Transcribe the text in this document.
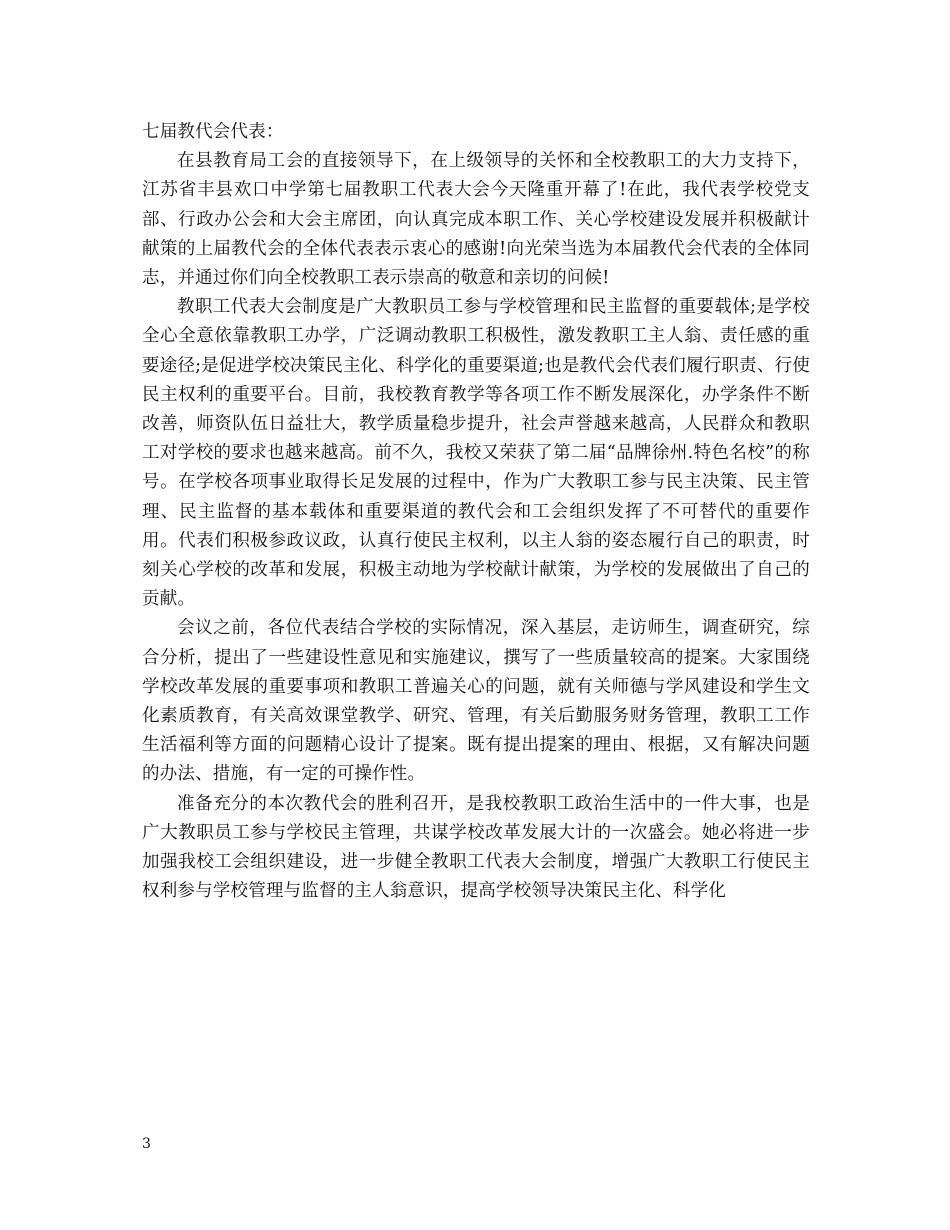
七届教代会代表：

在县教育局工会的直接领导下，在上级领导的关怀和全校教职工的大力支持下，江苏省丰县欢口中学第七届教职工代表大会今天隆重开幕了!在此，我代表学校党支部、行政办公会和大会主席团，向认真完成本职工作、关心学校建设发展并积极献计献策的上届教代会的全体代表表示衷心的感谢!向光荣当选为本届教代会代表的全体同志，并通过你们向全校教职工表示崇高的敬意和亲切的问候!

教职工代表大会制度是广大教职员工参与学校管理和民主监督的重要载体;是学校全心全意依靠教职工办学，广泛调动教职工积极性，激发教职工主人翁、责任感的重要途径;是促进学校决策民主化、科学化的重要渠道;也是教代会代表们履行职责、行使民主权利的重要平台。目前，我校教育教学等各项工作不断发展深化，办学条件不断改善，师资队伍日益壮大，教学质量稳步提升，社会声誉越来越高，人民群众和教职工对学校的要求也越来越高。前不久，我校又荣获了第二届“品牌徐州.特色名校”的称号。在学校各项事业取得长足发展的过程中，作为广大教职工参与民主决策、民主管理、民主监督的基本载体和重要渠道的教代会和工会组织发挥了不可替代的重要作用。代表们积极参政议政，认真行使民主权利，以主人翁的姿态履行自己的职责，时刻关心学校的改革和发展，积极主动地为学校献计献策，为学校的发展做出了自己的贡献。

会议之前，各位代表结合学校的实际情况，深入基层，走访师生，调查研究，综合分析，提出了一些建设性意见和实施建议，撰写了一些质量较高的提案。大家围绕学校改革发展的重要事项和教职工普遍关心的问题，就有关师德与学风建设和学生文化素质教育，有关高效课堂教学、研究、管理，有关后勤服务财务管理，教职工工作生活福利等方面的问题精心设计了提案。既有提出提案的理由、根据，又有解决问题的办法、措施，有一定的可操作性。

准备充分的本次教代会的胜利召开，是我校教职工政治生活中的一件大事，也是广大教职员工参与学校民主管理，共谋学校改革发展大计的一次盛会。她必将进一步加强我校工会组织建设，进一步健全教职工代表大会制度，增强广大教职工行使民主权利参与学校管理与监督的主人翁意识，提高学校领导决策民主化、科学化

3
